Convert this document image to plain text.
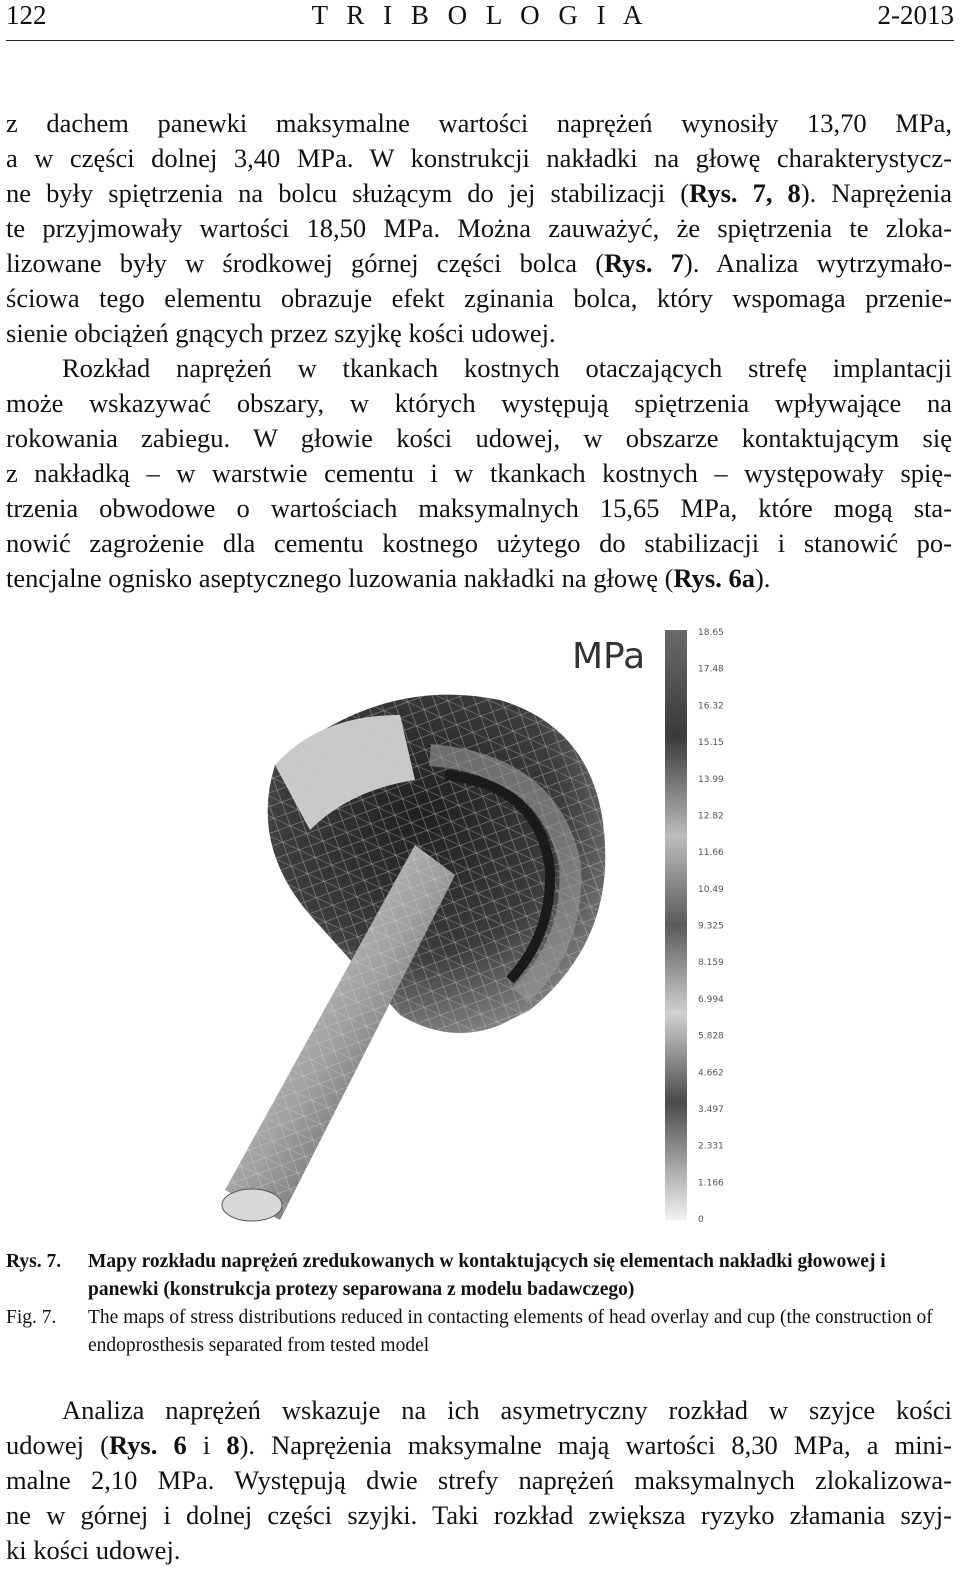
122	T R I B O L O G I A	2-2013
z dachem panewki maksymalne wartości naprężeń wynosiły 13,70 MPa,
a w części dolnej 3,40 MPa. W konstrukcji nakładki na głowę charakterystycz-
ne były spiętrzenia na bolcu służącym do jej stabilizacji (Rys. 7, 8). Naprężenia
te przyjmowały wartości 18,50 MPa. Można zauważyć, że spiętrzenia te zloka-
lizowane były w środkowej górnej części bolca (Rys. 7). Analiza wytrzymało-
ściowa tego elementu obrazuje efekt zginania bolca, który wspomaga przenie-
sienie obciążeń gnących przez szyjkę kości udowej.
Rozkład naprężeń w tkankach kostnych otaczających strefę implantacji
może wskazywać obszary, w których występują spiętrzenia wpływające na
rokowania zabiegu. W głowie kości udowej, w obszarze kontaktującym się
z nakładką – w warstwie cementu i w tkankach kostnych – występowały spię-
trzenia obwodowe o wartościach maksymalnych 15,65 MPa, które mogą sta-
nowić zagrożenie dla cementu kostnego użytego do stabilizacji i stanowić po-
tencjalne ognisko aseptycznego luzowania nakładki na głowę (Rys. 6a).
MPa
18.65
17.48
16.32
15.15
13.99
12.82
11.66
10.49
9.325
8.159
6.994
5.828
4.662
3.497
2.331
1.166
0
Rys. 7.	Mapy rozkładu naprężeń zredukowanych w kontaktujących się elementach nakładki głowowej i panewki (konstrukcja protezy separowana z modelu badawczego)
Fig. 7.	The maps of stress distributions reduced in contacting elements of head overlay and cup (the construction of endoprosthesis separated from tested model
Analiza naprężeń wskazuje na ich asymetryczny rozkład w szyjce kości
udowej (Rys. 6 i 8). Naprężenia maksymalne mają wartości 8,30 MPa, a mini-
malne 2,10 MPa. Występują dwie strefy naprężeń maksymalnych zlokalizowa-
ne w górnej i dolnej części szyjki. Taki rozkład zwiększa ryzyko złamania szyj-
ki kości udowej.
